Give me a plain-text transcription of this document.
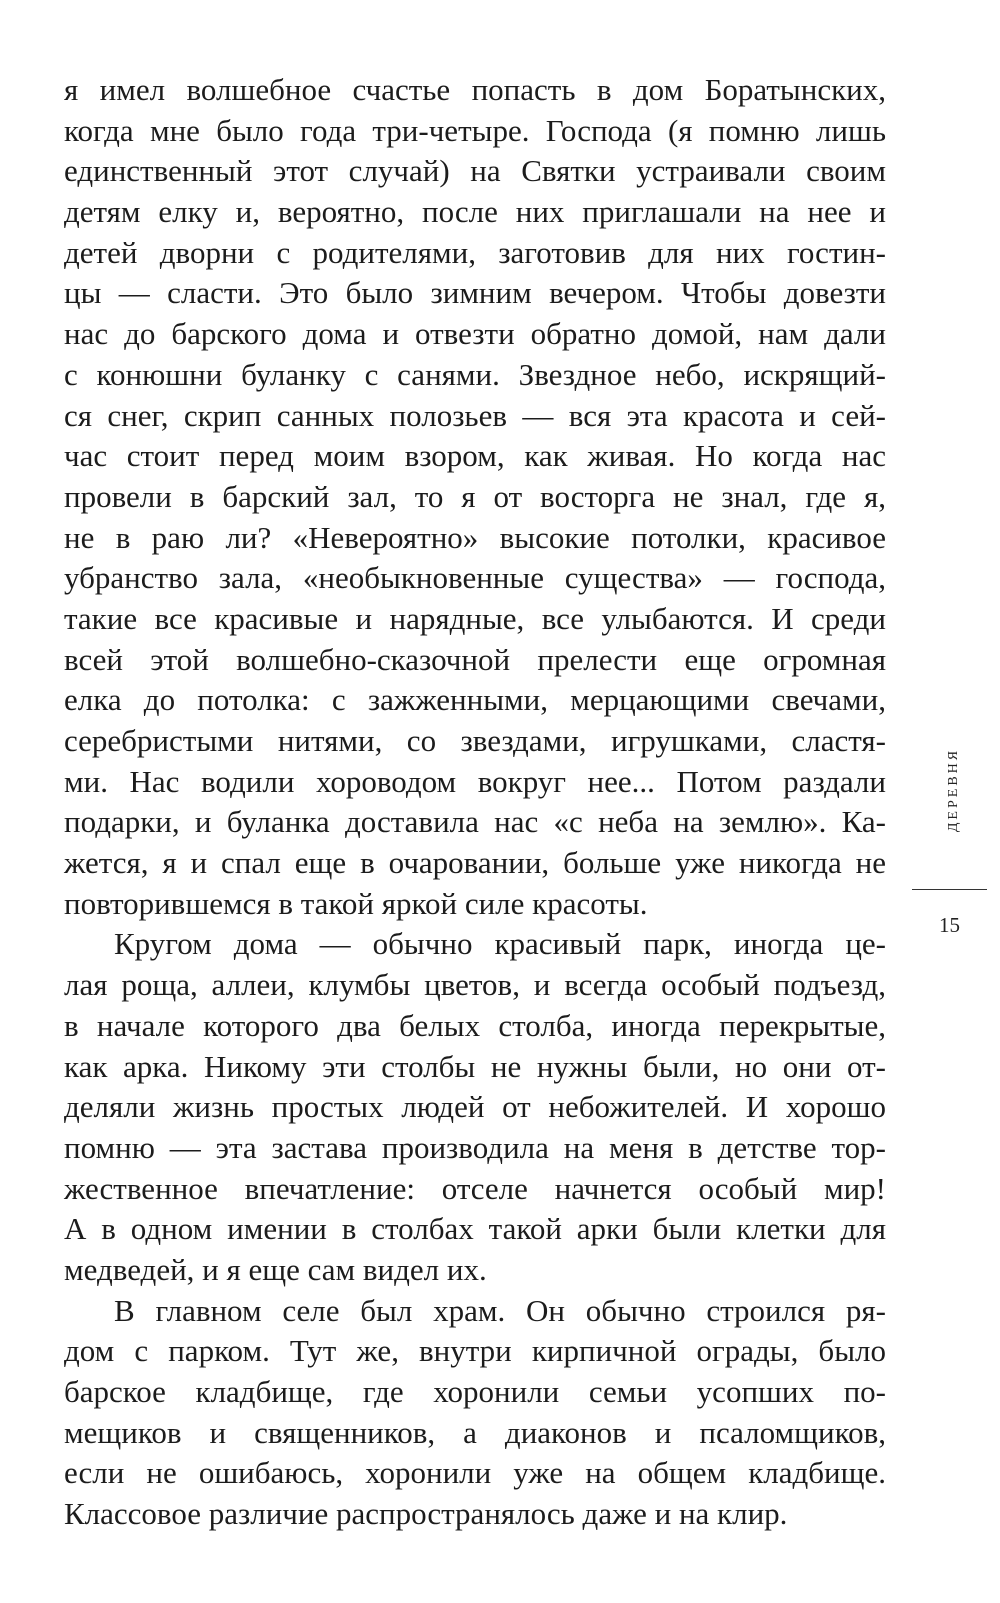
я имел волшебное счастье попасть в дом Боратынских,
когда мне было года три-четыре. Господа (я помню лишь
единственный этот случай) на Святки устраивали своим
детям елку и, вероятно, после них приглашали на нее и
детей дворни с родителями, заготовив для них гостин-
цы — сласти. Это было зимним вечером. Чтобы довезти
нас до барского дома и отвезти обратно домой, нам дали
с конюшни буланку с санями. Звездное небо, искрящий-
ся снег, скрип санных полозьев — вся эта красота и сей-
час стоит перед моим взором, как живая. Но когда нас
провели в барский зал, то я от восторга не знал, где я,
не в раю ли? «Невероятно» высокие потолки, красивое
убранство зала, «необыкновенные существа» — господа,
такие все красивые и нарядные, все улыбаются. И среди
всей этой волшебно-сказочной прелести еще огромная
елка до потолка: с зажженными, мерцающими свечами,
серебристыми нитями, со звездами, игрушками, сластя-
ми. Нас водили хороводом вокруг нее... Потом раздали
подарки, и буланка доставила нас «с неба на землю». Ка-
жется, я и спал еще в очаровании, больше уже никогда не
повторившемся в такой яркой силе красоты.
Кругом дома — обычно красивый парк, иногда це-
лая роща, аллеи, клумбы цветов, и всегда особый подъезд,
в начале которого два белых столба, иногда перекрытые,
как арка. Никому эти столбы не нужны были, но они от-
деляли жизнь простых людей от небожителей. И хорошо
помню — эта застава производила на меня в детстве тор-
жественное впечатление: отселе начнется особый мир!
А в одном имении в столбах такой арки были клетки для
медведей, и я еще сам видел их.
В главном селе был храм. Он обычно строился ря-
дом с парком. Тут же, внутри кирпичной ограды, было
барское кладбище, где хоронили семьи усопших по-
мещиков и священников, а диаконов и псаломщиков,
если не ошибаюсь, хоронили уже на общем кладбище.
Классовое различие распространялось даже и на клир.
ДЕРЕВНЯ
15
